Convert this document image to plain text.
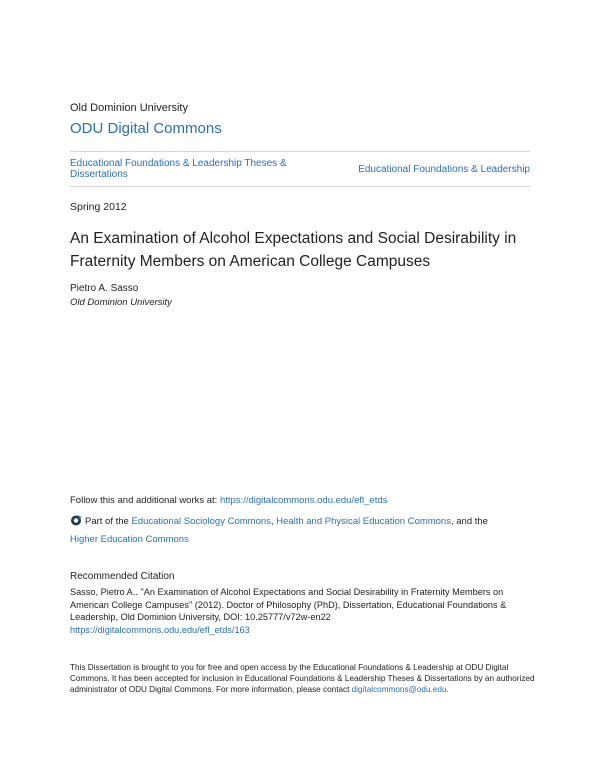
Old Dominion University
ODU Digital Commons
Educational Foundations & Leadership Theses & Dissertations	Educational Foundations & Leadership
Spring 2012
An Examination of Alcohol Expectations and Social Desirability in Fraternity Members on American College Campuses
Pietro A. Sasso
Old Dominion University
Follow this and additional works at: https://digitalcommons.odu.edu/efl_etds
Part of the Educational Sociology Commons, Health and Physical Education Commons, and the
Higher Education Commons
Recommended Citation
Sasso, Pietro A.. "An Examination of Alcohol Expectations and Social Desirability in Fraternity Members on American College Campuses" (2012). Doctor of Philosophy (PhD), Dissertation, Educational Foundations & Leadership, Old Dominion University, DOI: 10.25777/v72w-en22
https://digitalcommons.odu.edu/efl_etds/163
This Dissertation is brought to you for free and open access by the Educational Foundations & Leadership at ODU Digital Commons. It has been accepted for inclusion in Educational Foundations & Leadership Theses & Dissertations by an authorized administrator of ODU Digital Commons. For more information, please contact digitalcommons@odu.edu.
